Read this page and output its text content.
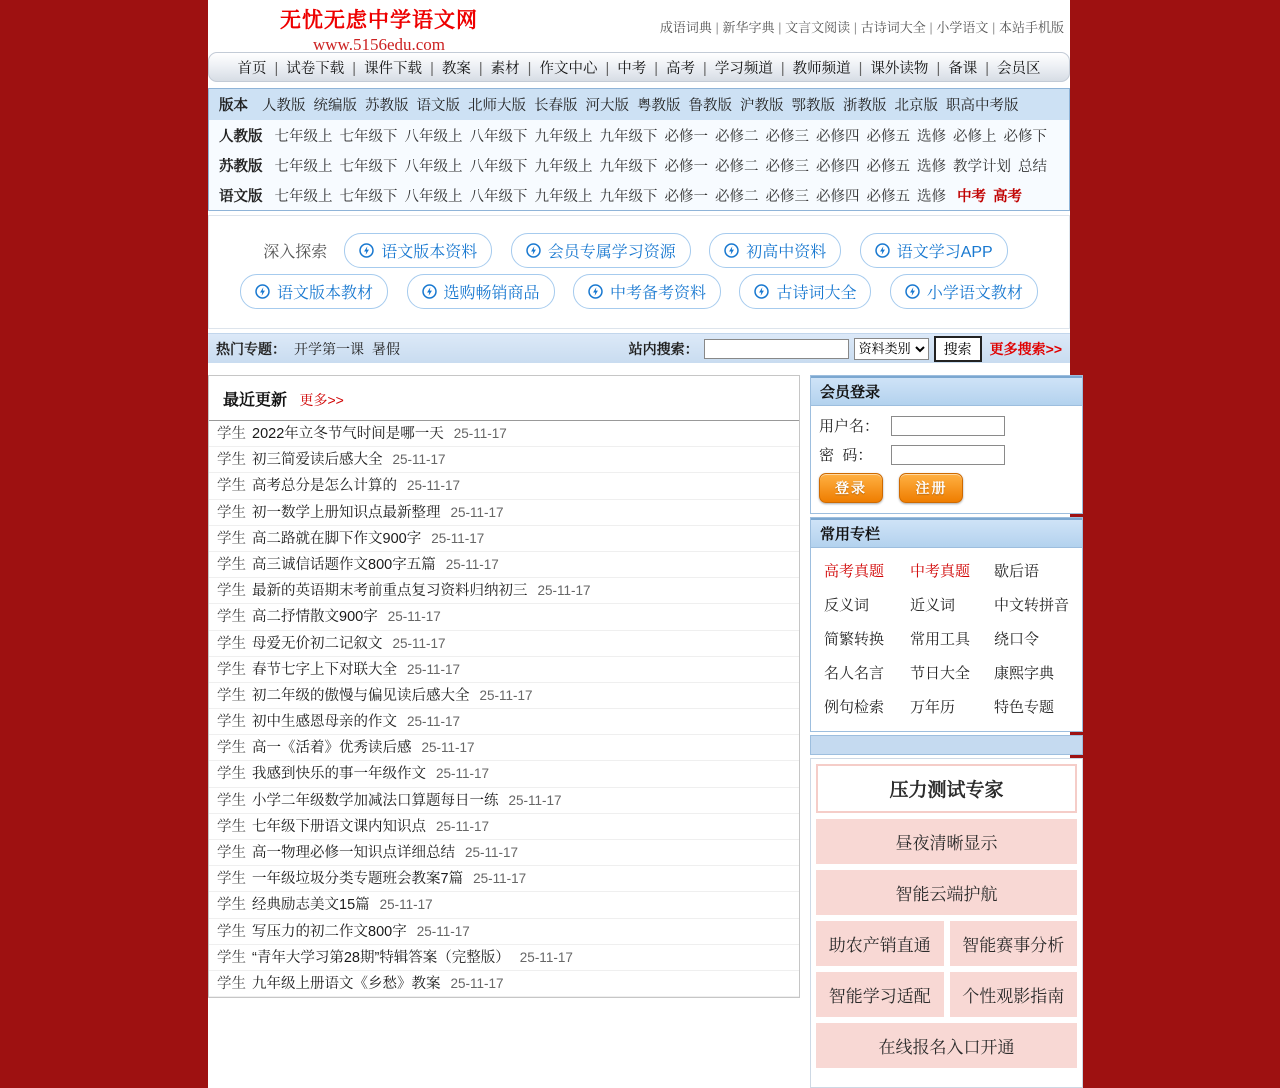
无忧无虑中学语文网
www.5156edu.com
成语词典 | 新华字典 | 文言文阅读 | 古诗词大全 | 小学语文 | 本站手机版
首页	| 试卷下载	| 课件下载	| 教案	| 素材	| 作文中心	| 中考	| 高考	| 学习频道	| 教师频道	| 课外读物	| 备课	| 会员区
版本 人教版 统编版 苏教版 语文版 北师大版 长春版 河大版 粤教版 鲁教版 沪教版 鄂教版 浙教版 北京版 职高中考版
人教版 七年级上 七年级下 八年级上 八年级下 九年级上 九年级下 必修一 必修二 必修三 必修四 必修五 选修 必修上 必修下
苏教版 七年级上 七年级下 八年级上 八年级下 九年级上 九年级下 必修一 必修二 必修三 必修四 必修五 选修 教学计划 总结
语文版 七年级上 七年级下 八年级上 八年级下 九年级上 九年级下 必修一 必修二 必修三 必修四 必修五 选修 中考 高考
深入探索	语文版本资料
	会员专属学习资源
	初高中资料
	语文学习APP
语文版本教材
	选购畅销商品
	中考备考资料
	古诗词大全
	小学语文教材
热门专题： 开学第一课 暑假	站内搜索：
资料类别	搜索	更多搜索>>
最近更新 更多>>
学生 2022年立冬节气时间是哪一天 25-11-17
学生 初三简爱读后感大全 25-11-17
学生 高考总分是怎么计算的 25-11-17
学生 初一数学上册知识点最新整理 25-11-17
学生 高二路就在脚下作文900字 25-11-17
学生 高三诚信话题作文800字五篇 25-11-17
学生 最新的英语期末考前重点复习资料归纳初三 25-11-17
学生 高二抒情散文900字 25-11-17
学生 母爱无价初二记叙文 25-11-17
学生 春节七字上下对联大全 25-11-17
学生 初二年级的傲慢与偏见读后感大全 25-11-17
学生 初中生感恩母亲的作文 25-11-17
学生 高一《活着》优秀读后感 25-11-17
学生 我感到快乐的事一年级作文 25-11-17
学生 小学二年级数学加减法口算题每日一练 25-11-17
学生 七年级下册语文课内知识点 25-11-17
学生 高一物理必修一知识点详细总结 25-11-17
学生 一年级垃圾分类专题班会教案7篇 25-11-17
学生 经典励志美文15篇 25-11-17
学生 写压力的初二作文800字 25-11-17
学生 “青年大学习第28期”特辑答案（完整版） 25-11-17
学生 九年级上册语文《乡愁》教案 25-11-17
会员登录
用户名：
密  码：
登录	注册
常用专栏
高考真题	中考真题	歇后语
反义词	近义词	中文转拼音
简繁转换	常用工具	绕口令
名人名言	节日大全	康熙字典
例句检索	万年历	特色专题
压力测试专家
昼夜清晰显示
智能云端护航
助农产销直通	智能赛事分析
智能学习适配	个性观影指南
在线报名入口开通
